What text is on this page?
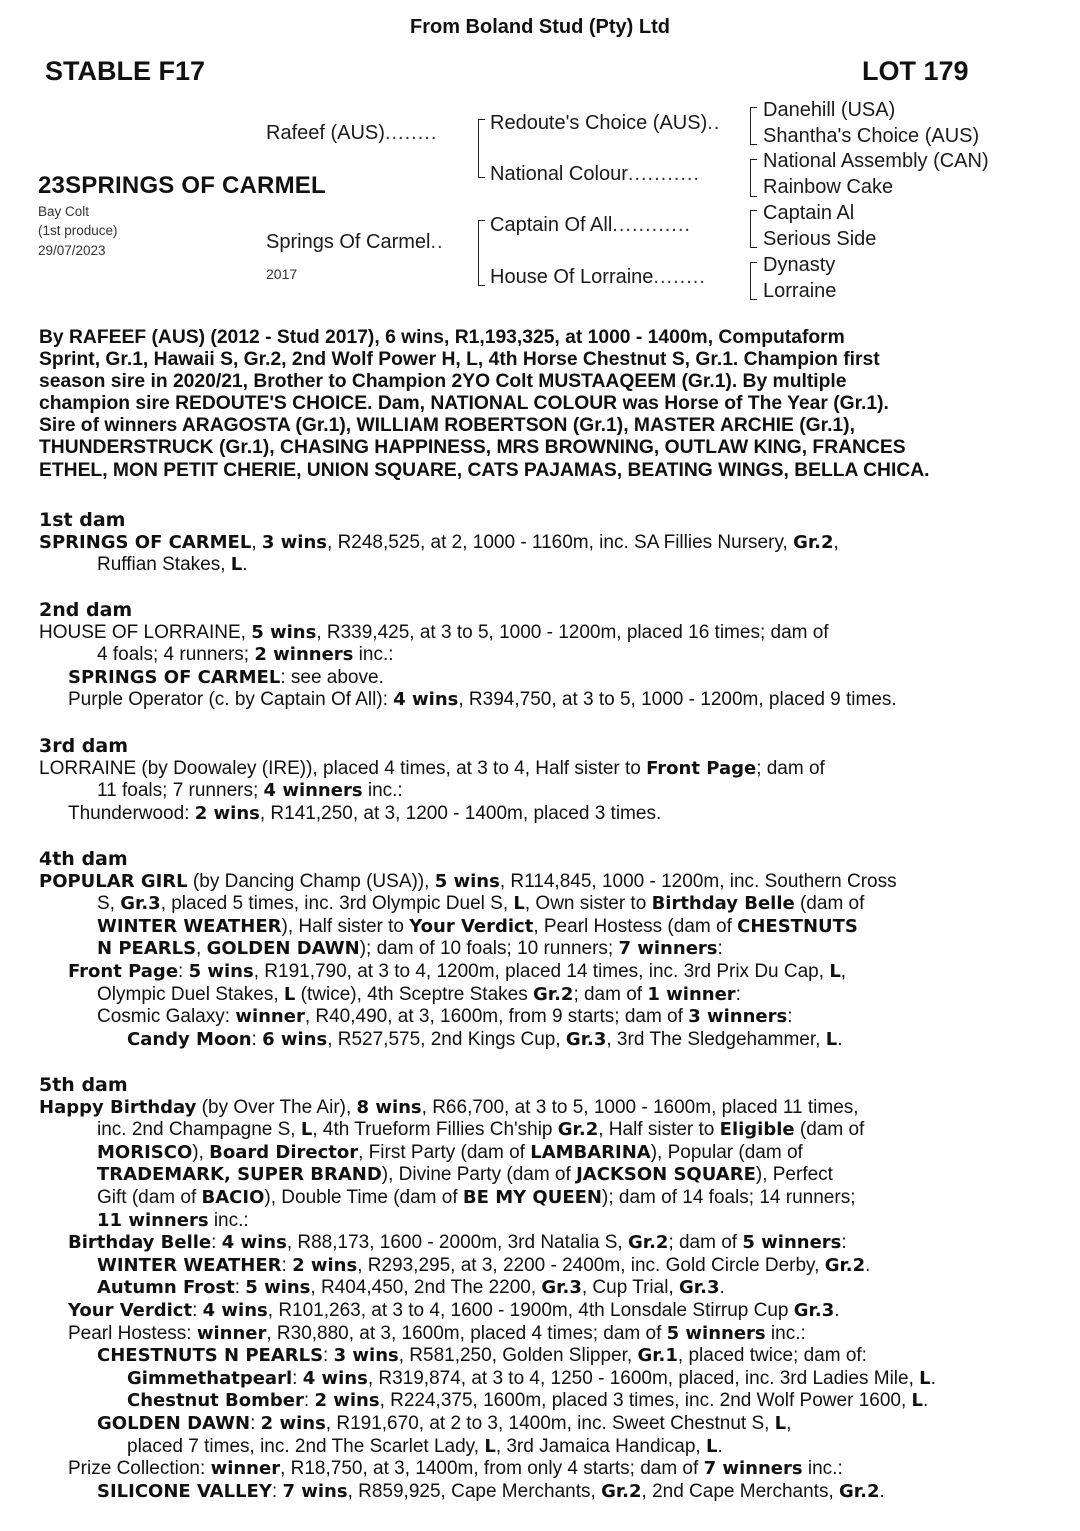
From Boland Stud (Pty) Ltd
STABLE F17	LOT 179
23SPRINGS OF CARMEL
Bay Colt
(1st produce)
29/07/2023
Rafeef (AUS)........
Springs Of Carmel..
2017
Redoute's Choice (AUS)..
National Colour...........
Captain Of All............
House Of Lorraine........
Danehill (USA)
Shantha's Choice (AUS)
National Assembly (CAN)
Rainbow Cake
Captain Al
Serious Side
Dynasty
Lorraine
By RAFEEF (AUS) (2012 - Stud 2017), 6 wins, R1,193,325, at 1000 - 1400m, Computaform
Sprint, Gr.1, Hawaii S, Gr.2, 2nd Wolf Power H, L, 4th Horse Chestnut S, Gr.1. Champion first
season sire in 2020/21, Brother to Champion 2YO Colt MUSTAAQEEM (Gr.1). By multiple
champion sire REDOUTE'S CHOICE. Dam, NATIONAL COLOUR was Horse of The Year (Gr.1).
Sire of winners ARAGOSTA (Gr.1), WILLIAM ROBERTSON (Gr.1), MASTER ARCHIE (Gr.1),
THUNDERSTRUCK (Gr.1), CHASING HAPPINESS, MRS BROWNING, OUTLAW KING, FRANCES
ETHEL, MON PETIT CHERIE, UNION SQUARE, CATS PAJAMAS, BEATING WINGS, BELLA CHICA.
1st dam
SPRINGS OF CARMEL, 3 wins, R248,525, at 2, 1000 - 1160m, inc. SA Fillies Nursery, Gr.2,
Ruffian Stakes, L.
2nd dam
HOUSE OF LORRAINE, 5 wins, R339,425, at 3 to 5, 1000 - 1200m, placed 16 times; dam of
4 foals; 4 runners; 2 winners inc.:
SPRINGS OF CARMEL: see above.
Purple Operator (c. by Captain Of All): 4 wins, R394,750, at 3 to 5, 1000 - 1200m, placed 9 times.
3rd dam
LORRAINE (by Doowaley (IRE)), placed 4 times, at 3 to 4, Half sister to Front Page; dam of
11 foals; 7 runners; 4 winners inc.:
Thunderwood: 2 wins, R141,250, at 3, 1200 - 1400m, placed 3 times.
4th dam
POPULAR GIRL (by Dancing Champ (USA)), 5 wins, R114,845, 1000 - 1200m, inc. Southern Cross
S, Gr.3, placed 5 times, inc. 3rd Olympic Duel S, L, Own sister to Birthday Belle (dam of
WINTER WEATHER), Half sister to Your Verdict, Pearl Hostess (dam of CHESTNUTS
N PEARLS, GOLDEN DAWN); dam of 10 foals; 10 runners; 7 winners:
Front Page: 5 wins, R191,790, at 3 to 4, 1200m, placed 14 times, inc. 3rd Prix Du Cap, L,
Olympic Duel Stakes, L (twice), 4th Sceptre Stakes Gr.2; dam of 1 winner:
Cosmic Galaxy: winner, R40,490, at 3, 1600m, from 9 starts; dam of 3 winners:
Candy Moon: 6 wins, R527,575, 2nd Kings Cup, Gr.3, 3rd The Sledgehammer, L.
5th dam
Happy Birthday (by Over The Air), 8 wins, R66,700, at 3 to 5, 1000 - 1600m, placed 11 times,
inc. 2nd Champagne S, L, 4th Trueform Fillies Ch'ship Gr.2, Half sister to Eligible (dam of
MORISCO), Board Director, First Party (dam of LAMBARINA), Popular (dam of
TRADEMARK, SUPER BRAND), Divine Party (dam of JACKSON SQUARE), Perfect
Gift (dam of BACIO), Double Time (dam of BE MY QUEEN); dam of 14 foals; 14 runners;
11 winners inc.:
Birthday Belle: 4 wins, R88,173, 1600 - 2000m, 3rd Natalia S, Gr.2; dam of 5 winners:
WINTER WEATHER: 2 wins, R293,295, at 3, 2200 - 2400m, inc. Gold Circle Derby, Gr.2.
Autumn Frost: 5 wins, R404,450, 2nd The 2200, Gr.3, Cup Trial, Gr.3.
Your Verdict: 4 wins, R101,263, at 3 to 4, 1600 - 1900m, 4th Lonsdale Stirrup Cup Gr.3.
Pearl Hostess: winner, R30,880, at 3, 1600m, placed 4 times; dam of 5 winners inc.:
CHESTNUTS N PEARLS: 3 wins, R581,250, Golden Slipper, Gr.1, placed twice; dam of:
Gimmethatpearl: 4 wins, R319,874, at 3 to 4, 1250 - 1600m, placed, inc. 3rd Ladies Mile, L.
Chestnut Bomber: 2 wins, R224,375, 1600m, placed 3 times, inc. 2nd Wolf Power 1600, L.
GOLDEN DAWN: 2 wins, R191,670, at 2 to 3, 1400m, inc. Sweet Chestnut S, L,
placed 7 times, inc. 2nd The Scarlet Lady, L, 3rd Jamaica Handicap, L.
Prize Collection: winner, R18,750, at 3, 1400m, from only 4 starts; dam of 7 winners inc.:
SILICONE VALLEY: 7 wins, R859,925, Cape Merchants, Gr.2, 2nd Cape Merchants, Gr.2.
